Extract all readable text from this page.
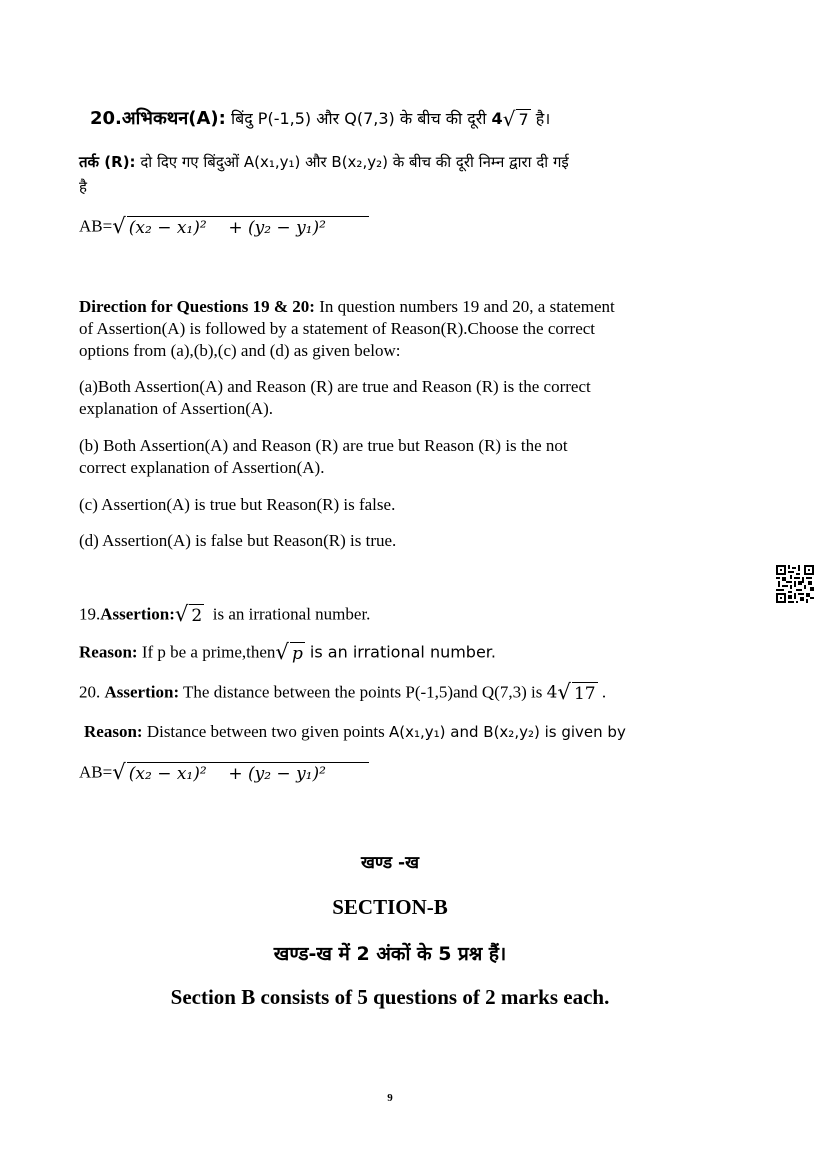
20.अभिकथन(A): बिंदु P(-1,5) और Q(7,3) के बीच की दूरी 4 √ 7 है।
तर्क (R): दो दिए गए बिंदुओं A(x₁,y₁) और B(x₂,y₂) के बीच की दूरी निम्न द्वारा दी गई
है
AB= √ (x₂ − x₁)² + (y₂ − y₁)²
Direction for Questions 19 & 20: In question numbers 19 and 20, a statement
of Assertion(A) is followed by a statement of Reason(R).Choose the correct
options from (a),(b),(c) and (d) as given below:
(a)Both Assertion(A) and Reason (R) are true and Reason (R) is the correct
explanation of Assertion(A).
(b) Both Assertion(A) and Reason (R) are true but Reason (R) is the not
correct explanation of Assertion(A).
(c) Assertion(A) is true but Reason(R) is false.
(d) Assertion(A) is false but Reason(R) is true.
19.Assertion: √ 2 is an irrational number.
Reason: If p be a prime,then √ p is an irrational number.
20. Assertion: The distance between the points P(-1,5)and Q(7,3) is 4 √ 17 .
Reason: Distance between two given points A(x₁,y₁) and B(x₂,y₂) is given by
AB= √ (x₂ − x₁)² + (y₂ − y₁)²
खण्ड -ख
SECTION-B
खण्ड-ख में 2 अंकों के 5 प्रश्न हैं।
Section B consists of 5 questions of 2 marks each.
9
